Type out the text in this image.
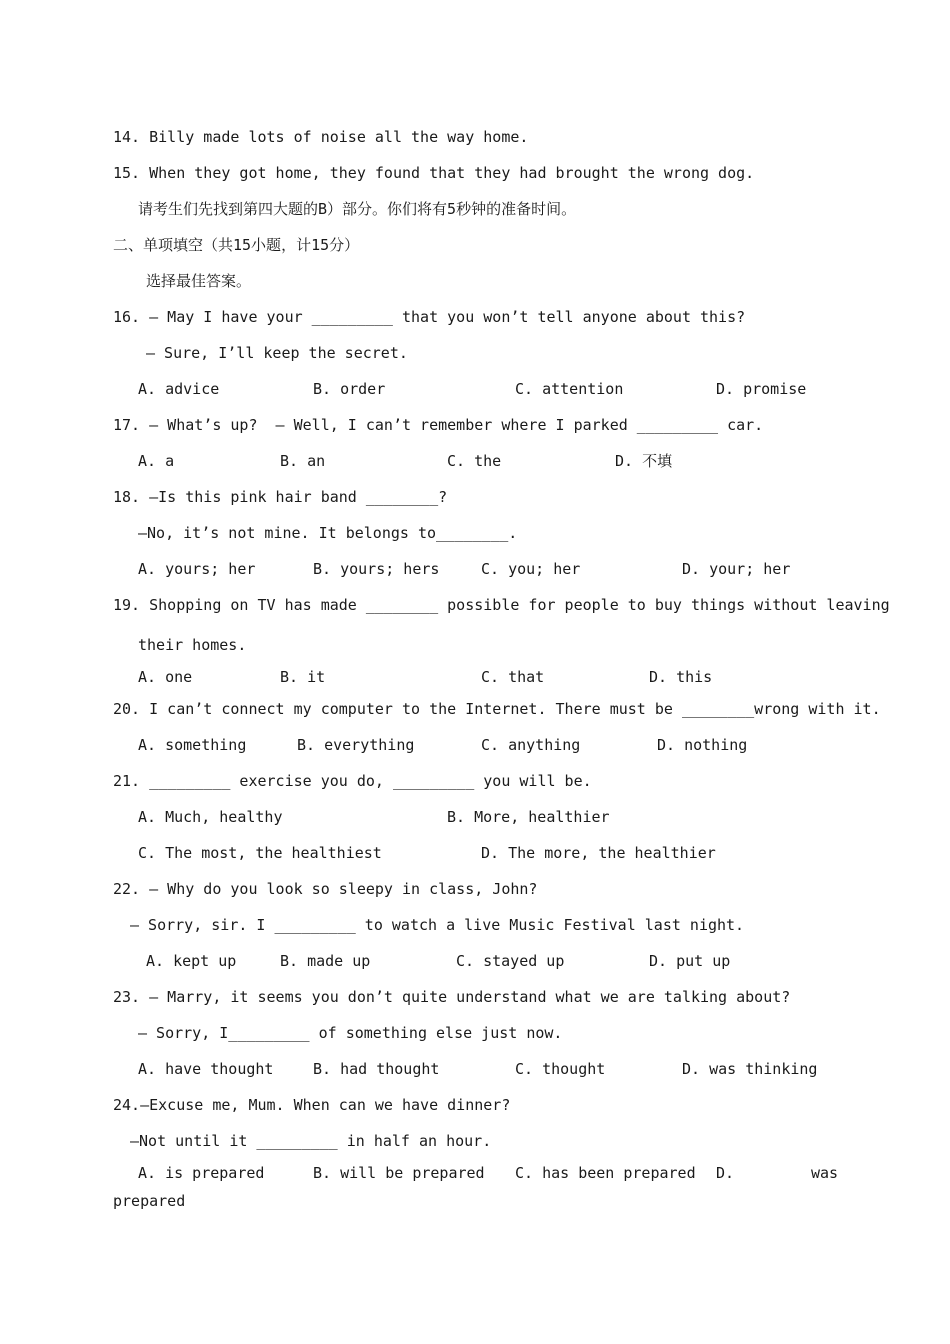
14. Billy made lots of noise all the way home.
15. When they got home, they found that they had brought the wrong dog.
请考生们先找到第四大题的B）部分。你们将有5秒钟的准备时间。
二、单项填空（共15小题，计15分）
选择最佳答案。
16. — May I have your _________ that you won’t tell anyone about this?
— Sure, I’ll keep the secret.
A. advice	B. order	C. attention	D. promise
17. — What’s up?  — Well, I can’t remember where I parked _________ car.
A. a	B. an	C. the	D. 不填
18. —Is this pink hair band ________?
—No, it’s not mine. It belongs to________.
A. yours; her	B. yours; hers	C. you; her	D. your; her
19. Shopping on TV has made ________ possible for people to buy things without leaving
their homes.
A. one	B. it	C. that	D. this
20. I can’t connect my computer to the Internet. There must be ________wrong with it.
A. something	B. everything	C. anything	D. nothing
21. _________ exercise you do, _________ you will be.
A. Much, healthy	B. More, healthier
C. The most, the healthiest	D. The more, the healthier
22. — Why do you look so sleepy in class, John?
— Sorry, sir. I _________ to watch a live Music Festival last night.
A. kept up	B. made up	C. stayed up	D. put up
23. — Marry, it seems you don’t quite understand what we are talking about?
— Sorry, I_________ of something else just now.
A. have thought	B. had thought	C. thought	D. was thinking
24.—Excuse me, Mum. When can we have dinner?
—Not until it _________ in half an hour.
A. is prepared	B. will be prepared C. has been prepared D.	was
prepared
